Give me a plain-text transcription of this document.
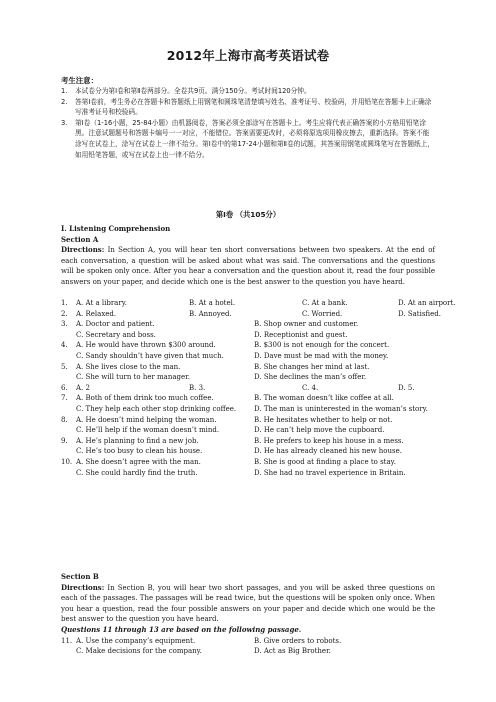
2012年上海市高考英语试卷
考生注意：
1.	本试卷分为第Ⅰ卷和第Ⅱ卷两部分。全卷共9页。满分150分。考试时间120分钟。
2.	答第Ⅰ卷前，考生务必在答题卡和答题纸上用钢笔和圆珠笔清楚填写姓名、准考证号、校验码，并用铅笔在答题卡上正确涂写准考证号和校验码。
3.	第Ⅰ卷（1-16小题，25-84小题）由机器阅卷，答案必须全部涂写在答题卡上。考生应将代表正确答案的小方格用铅笔涂黑。注意试题题号和答题卡编号一一对应，不能错位。答案需要更改时，必须将原选项用橡皮擦去，重新选择。答案不能涂写在试卷上，涂写在试卷上一律不给分。第Ⅰ卷中的第17-24小题和第Ⅱ卷的试题，其答案用钢笔或圆珠笔写在答题纸上，如用铅笔答题，或写在试卷上也一律不给分。
第Ⅰ卷 （共105分）
I. Listening Comprehension
Section A
Directions: In Section A, you will hear ten short conversations between two speakers. At the end of each conversation, a question will be asked about what was said. The conversations and the questions will be spoken only once. After you hear a conversation and the question about it, read the four possible answers on your paper, and decide which one is the best answer to the question you have heard.
1.	A. At a library.	B. At a hotel.	C. At a bank.	D. At an airport.
2.	A. Relaxed.	B. Annoyed.	C. Worried.	D. Satisfied.
3.	A. Doctor and patient.	B. Shop owner and customer.
C. Secretary and boss.	D. Receptionist and guest.
4.	A. He would have thrown $300 around.	B. $300 is not enough for the concert.
C. Sandy shouldn’t have given that much.	D. Dave must be mad with the money.
5.	A. She lives close to the man.	B. She changes her mind at last.
C. She will turn to her manager.	D. She declines the man’s offer.
6.	A. 2	B. 3.	C. 4.	D. 5.
7.	A. Both of them drink too much coffee.	B. The woman doesn’t like coffee at all.
C. They help each other stop drinking coffee.	D. The man is uninterested in the woman’s story.
8.	A. He doesn’t mind helping the woman.	B. He hesitates whether to help or not.
C. He’ll help if the woman doesn’t mind.	D. He can’t help move the cupboard.
9.	A. He’s planning to find a new job.	B. He prefers to keep his house in a mess.
C. He’s too busy to clean his house.	D. He has already cleaned his new house.
10. A. She doesn’t agree with the man.	B. She is good at finding a place to stay.
C. She could hardly find the truth.	D. She had no travel experience in Britain.
Section B
Directions: In Section B, you will hear two short passages, and you will be asked three questions on each of the passages. The passages will be read twice, but the questions will be spoken only once. When you hear a question, read the four possible answers on your paper and decide which one would be the best answer to the question you have heard.
Questions 11 through 13 are based on the following passage.
11. A. Use the company’s equipment.	B. Give orders to robots.
C. Make decisions for the company.	D. Act as Big Brother.
